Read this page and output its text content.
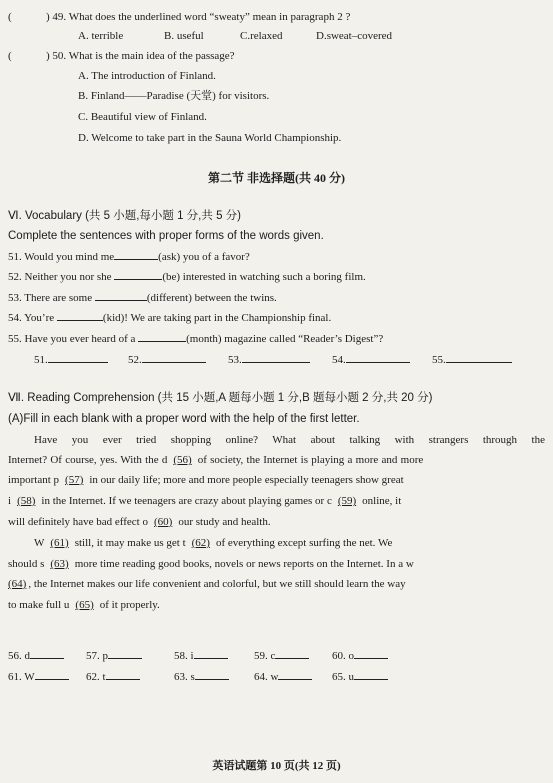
(	) 49. What does the underlined word “sweaty” mean in paragraph 2 ?
A. terrible	B. useful	C.relaxed	D.sweat–covered
(	) 50. What is the main idea of the passage?
A. The introduction of Finland.
B. Finland——Paradise (天堂) for visitors.
C. Beautiful view of Finland.
D. Welcome to take part in the Sauna World Championship.
第二节 非选择题(共 40 分)
Ⅵ. Vocabulary (共 5 小题,每小题 1 分,共 5 分)
Complete the sentences with proper forms of the words given.
51. Would you mind me	(ask) you of a favor?
52. Neither you nor she	(be) interested in watching such a boring film.
53. There are some	(different) between the twins.
54. You’re	(kid)! We are taking part in the Championship final.
55. Have you ever heard of a	(month) magazine called “Reader’s Digest”?
51.	52.	53.	54.	55.
Ⅶ. Reading Comprehension (共 15 小题,A 题每小题 1 分,B 题每小题 2 分,共 20 分)
(A)Fill in each blank with a proper word with the help of the first letter.
Have you ever tried shopping online? What about talking with strangers through the
Internet? Of course, yes. With the d (56) of society, the Internet is playing a more and more
important p (57) in our daily life; more and more people especially teenagers show great
i (58) in the Internet. If we teenagers are crazy about playing games or c (59) online, it
will definitely have bad effect o (60) our study and health.
W (61) still, it may make us get t (62) of everything except surfing the net. We
should s (63) more time reading good books, novels or news reports on the Internet. In a w
(64) , the Internet makes our life convenient and colorful, but we still should learn the way
to make full u (65) of it properly.
56. d	57. p	58. i	59. c	60. o
61. W	62. t	63. s	64. w	65. u
英语试题第 10 页(共 12 页)
